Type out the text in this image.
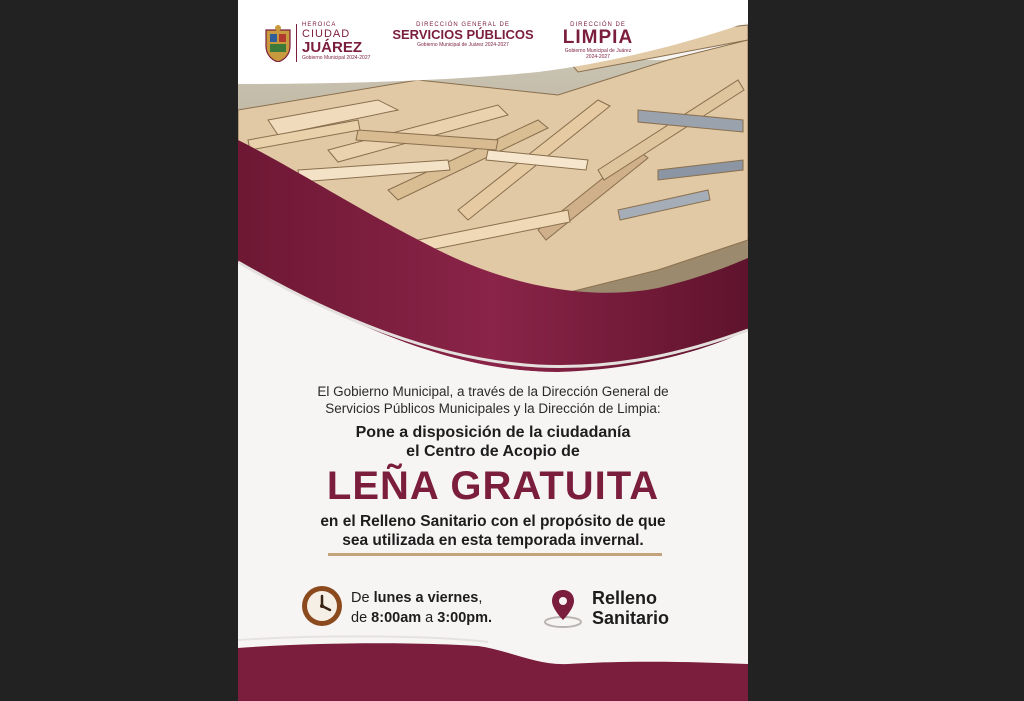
HEROICA
CIUDAD
JUÁREZ
Gobierno Municipal 2024-2027
DIRECCIÓN GENERAL DE
SERVICIOS PÚBLICOS
Gobierno Municipal de Juárez 2024-2027
DIRECCIÓN DE
LIMPIA
Gobierno Municipal de Juárez 2024-2027
El Gobierno Municipal, a través de la Dirección General de
Servicios Públicos Municipales y la Dirección de Limpia:
Pone a disposición de la ciudadanía
el Centro de Acopio de
LEÑA GRATUITA
en el Relleno Sanitario con el propósito de que
sea utilizada en esta temporada invernal.
De lunes a viernes,
de 8:00am a 3:00pm.
Relleno
Sanitario
